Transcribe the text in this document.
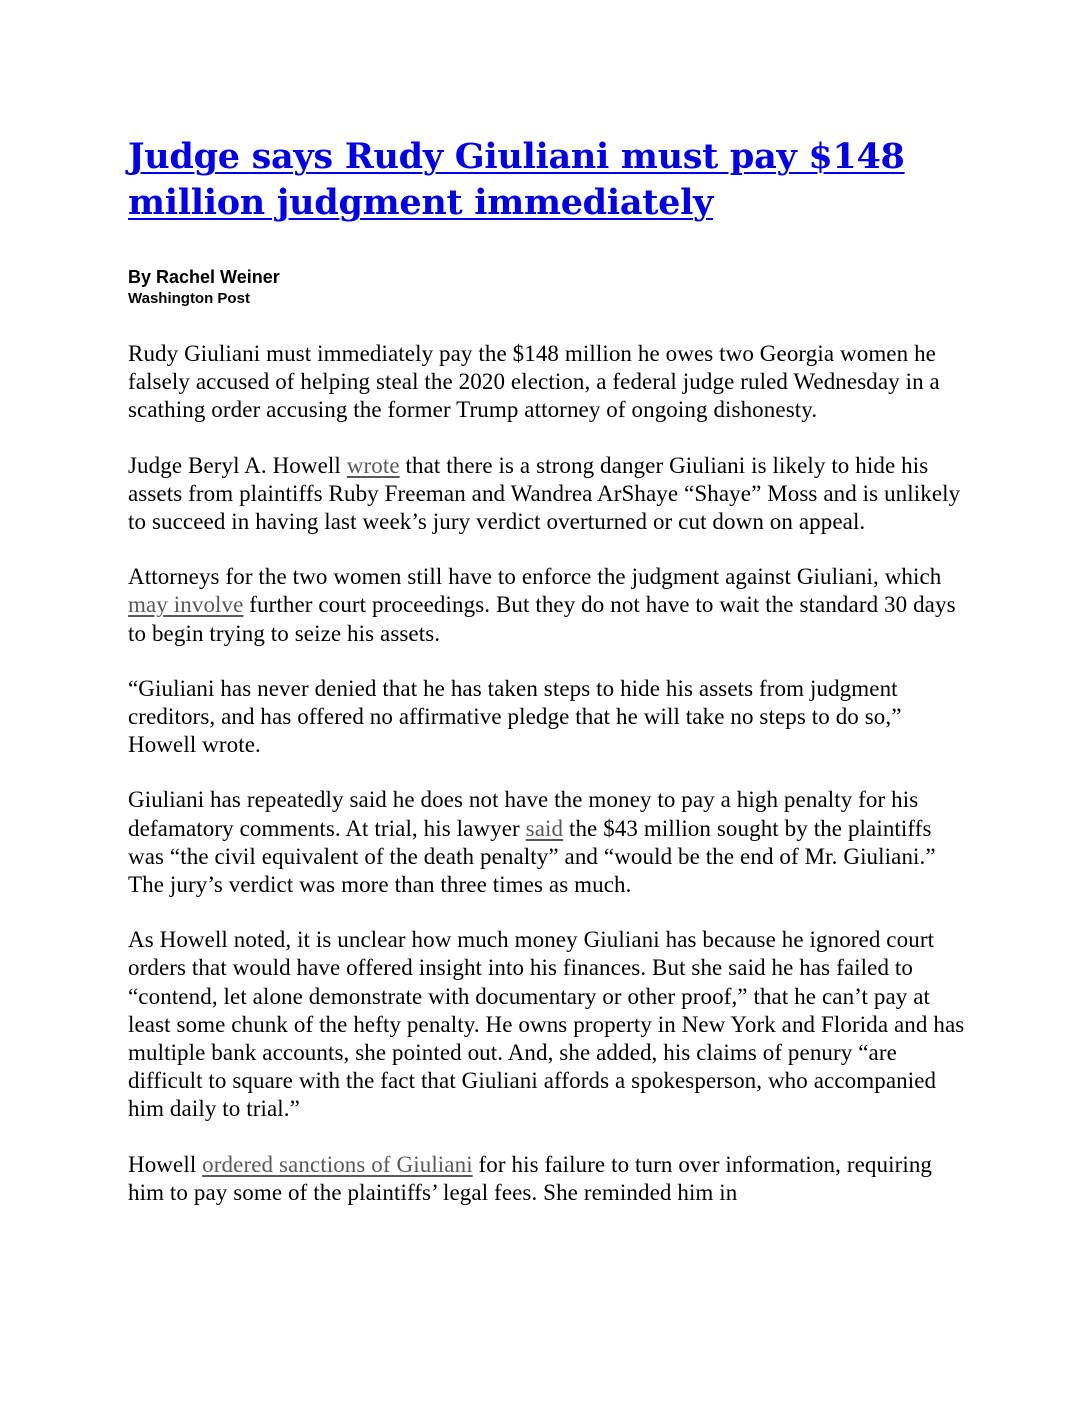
Judge says Rudy Giuliani must pay $148
million judgment immediately
By Rachel Weiner
Washington Post

Rudy Giuliani must immediately pay the $148 million he owes two Georgia women he falsely accused of helping steal the 2020 election, a federal judge ruled Wednesday in a scathing order accusing the former Trump attorney of ongoing dishonesty.

Judge Beryl A. Howell wrote that there is a strong danger Giuliani is likely to hide his assets from plaintiffs Ruby Freeman and Wandrea ArShaye “Shaye” Moss and is unlikely to succeed in having last week’s jury verdict overturned or cut down on appeal.

Attorneys for the two women still have to enforce the judgment against Giuliani, which may involve further court proceedings. But they do not have to wait the standard 30 days to begin trying to seize his assets.

“Giuliani has never denied that he has taken steps to hide his assets from judgment creditors, and has offered no affirmative pledge that he will take no steps to do so,” Howell wrote.

Giuliani has repeatedly said he does not have the money to pay a high penalty for his defamatory comments. At trial, his lawyer said the $43 million sought by the plaintiffs was “the civil equivalent of the death penalty” and “would be the end of Mr. Giuliani.” The jury’s verdict was more than three times as much.

As Howell noted, it is unclear how much money Giuliani has because he ignored court orders that would have offered insight into his finances. But she said he has failed to “contend, let alone demonstrate with documentary or other proof,” that he can’t pay at least some chunk of the hefty penalty. He owns property in New York and Florida and has multiple bank accounts, she pointed out. And, she added, his claims of penury “are difficult to square with the fact that Giuliani affords a spokesperson, who accompanied him daily to trial.”

Howell ordered sanctions of Giuliani for his failure to turn over information, requiring him to pay some of the plaintiffs’ legal fees. She reminded him in
